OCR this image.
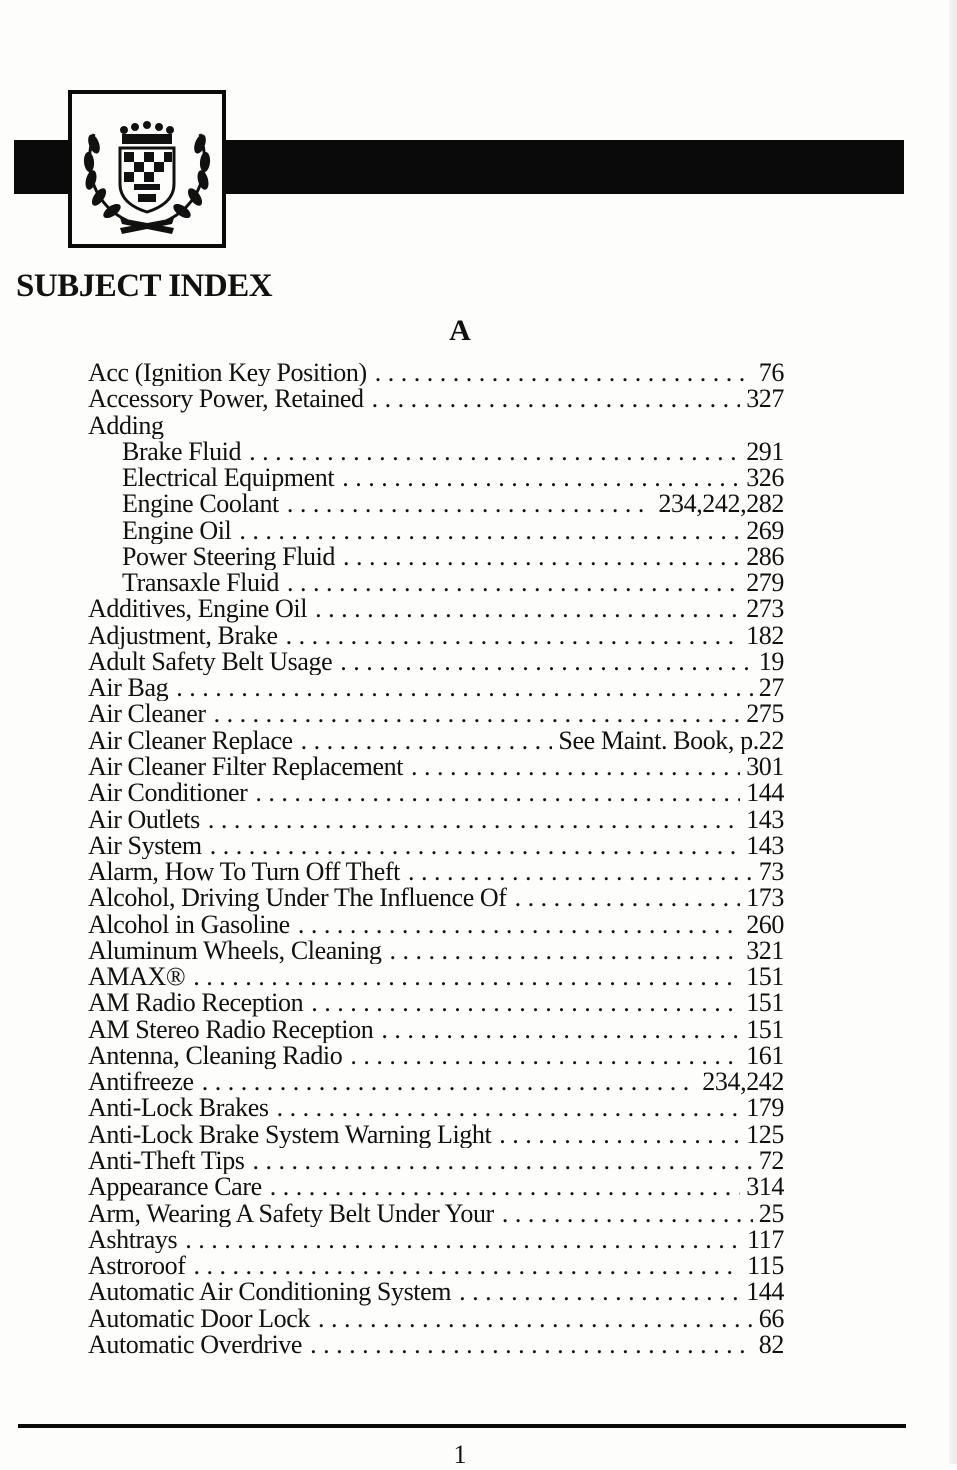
SUBJECT INDEX
A
Acc (Ignition Key Position) . . .	76
Accessory Power, Retained . . .	327
Adding
Brake Fluid . . .	291
Electrical Equipment . . .	326
Engine Coolant . . .	234,242,282
Engine Oil . . .	269
Power Steering Fluid . . .	286
Transaxle Fluid . . .	279
Additives, Engine Oil . . .	273
Adjustment, Brake . . .	182
Adult Safety Belt Usage . . .	19
Air Bag . . .	27
Air Cleaner . . .	275
Air Cleaner Replace . . .	See Maint. Book, p.22
Air Cleaner Filter Replacement . . .	301
Air Conditioner . . .	144
Air Outlets . . .	143
Air System . . .	143
Alarm, How To Turn Off Theft . . .	73
Alcohol, Driving Under The Influence Of . . .	173
Alcohol in Gasoline . . .	260
Aluminum Wheels, Cleaning . . .	321
AMAX® . . .	151
AM Radio Reception . . .	151
AM Stereo Radio Reception . . .	151
Antenna, Cleaning Radio . . .	161
Antifreeze . . .	234,242
Anti-Lock Brakes . . .	179
Anti-Lock Brake System Warning Light . . .	125
Anti-Theft Tips . . .	72
Appearance Care . . .	314
Arm, Wearing A Safety Belt Under Your . . .	25
Ashtrays . . .	117
Astroroof . . .	115
Automatic Air Conditioning System . . .	144
Automatic Door Lock . . .	66
Automatic Overdrive . . .	82

1
